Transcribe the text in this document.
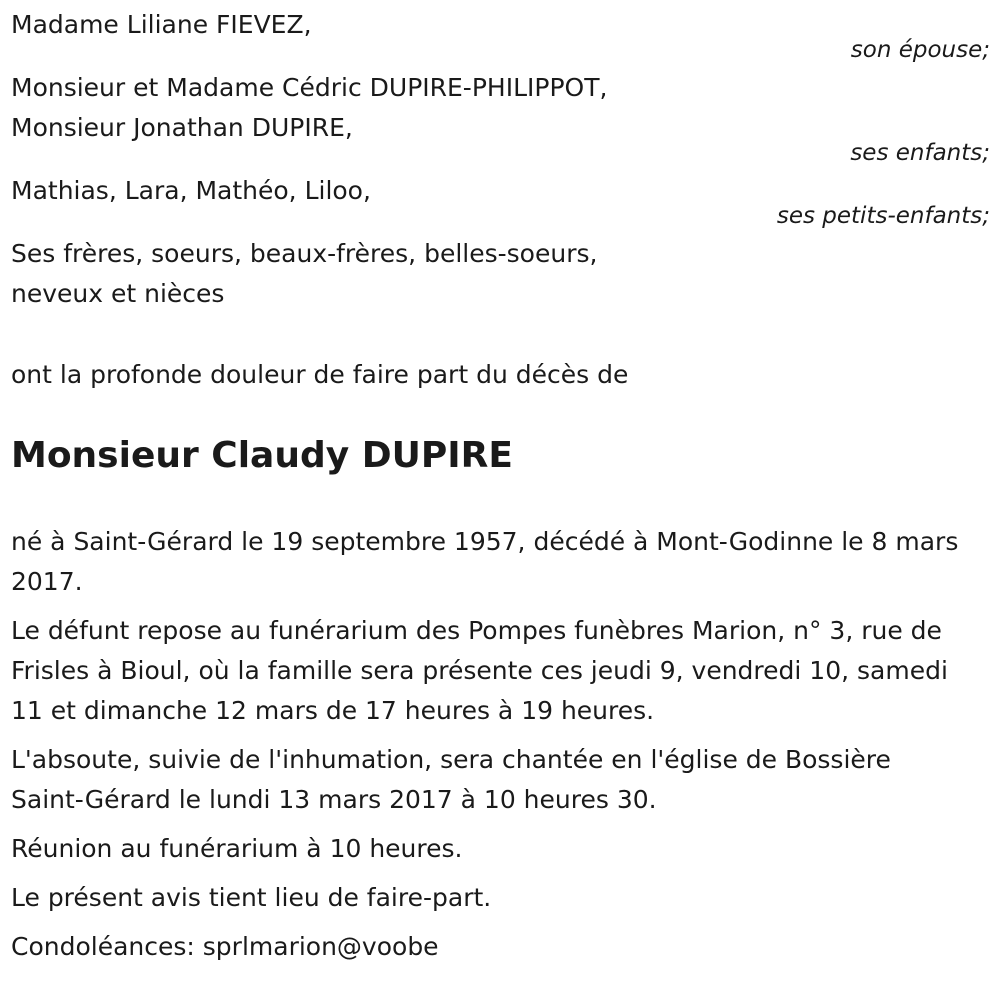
Madame Liliane FIEVEZ,
son épouse;
Monsieur et Madame Cédric DUPIRE-PHILIPPOT,
Monsieur Jonathan DUPIRE,
ses enfants;
Mathias, Lara, Mathéo, Liloo,
ses petits-enfants;
Ses frères, soeurs, beaux-frères, belles-soeurs,
neveux et nièces
ont la profonde douleur de faire part du décès de
Monsieur Claudy DUPIRE

né à Saint-Gérard le 19 septembre 1957, décédé à Mont-Godinne le 8 mars 2017.

Le défunt repose au funérarium des Pompes funèbres Marion, n° 3, rue de Frisles à Bioul, où la famille sera présente ces jeudi 9, vendredi 10, samedi 11 et dimanche 12 mars de 17 heures à 19 heures.

L'absoute, suivie de l'inhumation, sera chantée en l'église de Bossière Saint-Gérard le lundi 13 mars 2017 à 10 heures 30.

Réunion au funérarium à 10 heures.

Le présent avis tient lieu de faire-part.

Condoléances: sprlmarion@voobe
